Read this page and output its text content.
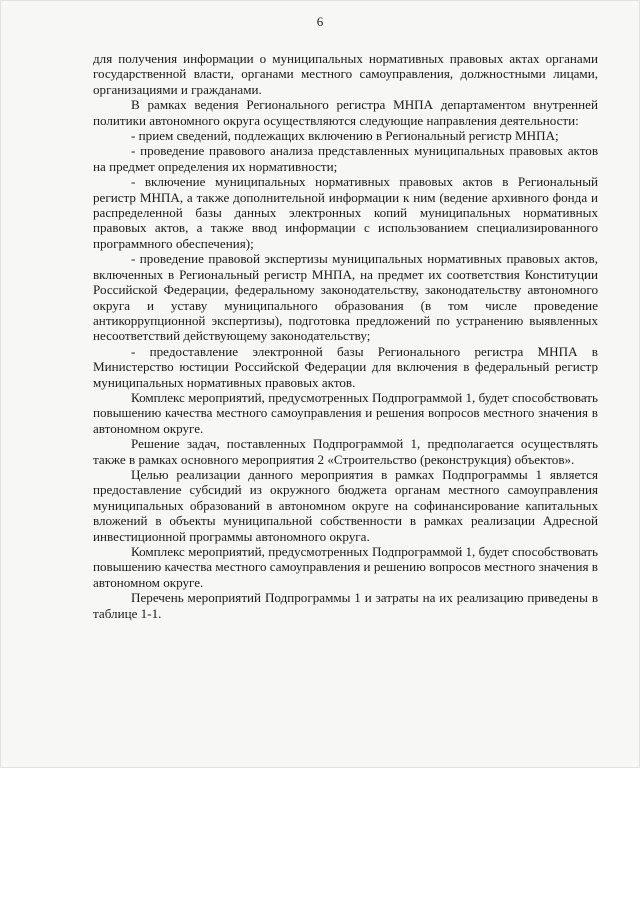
6

для получения информации о муниципальных нормативных правовых актах органами государственной власти, органами местного самоуправления, должностными лицами, организациями и гражданами.

В рамках ведения Регионального регистра МНПА департаментом внутренней политики автономного округа осуществляются следующие направления деятельности:

- прием сведений, подлежащих включению в Региональный регистр МНПА;

- проведение правового анализа представленных муниципальных правовых актов на предмет определения их нормативности;

- включение муниципальных нормативных правовых актов в Региональный регистр МНПА, а также дополнительной информации к ним (ведение архивного фонда и распределенной базы данных электронных копий муниципальных нормативных правовых актов, а также ввод информации с использованием специализированного программного обеспечения);

- проведение правовой экспертизы муниципальных нормативных правовых актов, включенных в Региональный регистр МНПА, на предмет их соответствия Конституции Российской Федерации, федеральному законодательству, законодательству автономного округа и уставу муниципального образования (в том числе проведение антикоррупционной экспертизы), подготовка предложений по устранению выявленных несоответствий действующему законодательству;

- предоставление электронной базы Регионального регистра МНПА в Министерство юстиции Российской Федерации для включения в федеральный регистр муниципальных нормативных правовых актов.

Комплекс мероприятий, предусмотренных Подпрограммой 1, будет способствовать повышению качества местного самоуправления и решения вопросов местного значения в автономном округе.

Решение задач, поставленных Подпрограммой 1, предполагается осуществлять также в рамках основного мероприятия 2 «Строительство (реконструкция) объектов».

Целью реализации данного мероприятия в рамках Подпрограммы 1 является предоставление субсидий из окружного бюджета органам местного самоуправления муниципальных образований в автономном округе на софинансирование капитальных вложений в объекты муниципальной собственности в рамках реализации Адресной инвестиционной программы автономного округа.

Комплекс мероприятий, предусмотренных Подпрограммой 1, будет способствовать повышению качества местного самоуправления и решению вопросов местного значения в автономном округе.

Перечень мероприятий Подпрограммы 1 и затраты на их реализацию приведены в таблице 1-1.
